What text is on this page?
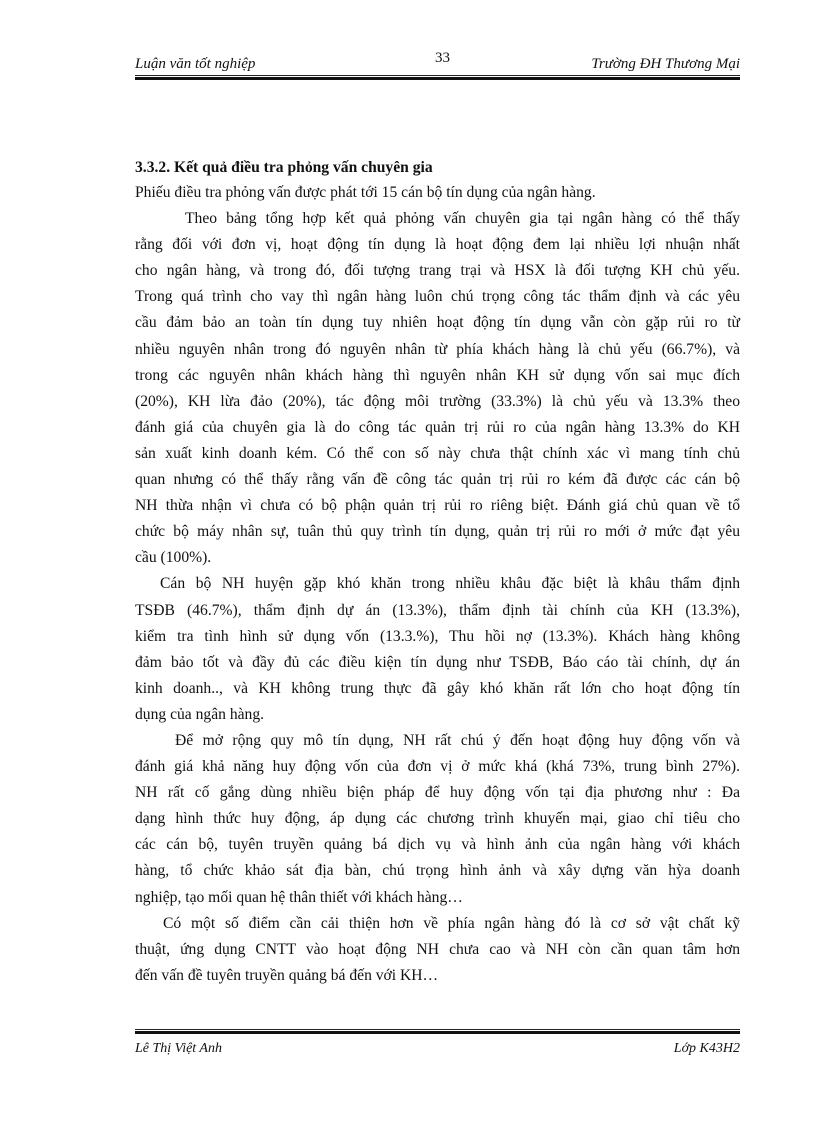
Luận văn tốt nghiệp	33	Trường ĐH Thương Mại
3.3.2. Kết quả điều tra phỏng vấn chuyên gia
Phiếu điều tra phỏng vấn được phát tới 15 cán bộ tín dụng của ngân hàng.
Theo bảng tổng hợp kết quả phỏng vấn chuyên gia tại ngân hàng có thể thấy
rằng đối với đơn vị, hoạt động tín dụng là hoạt động đem lại nhiều lợi nhuận nhất
cho ngân hàng, và trong đó, đối tượng trang trại và HSX là đối tượng KH chủ yếu.
Trong quá trình cho vay thì ngân hàng luôn chú trọng công tác thẩm định và các yêu
cầu đảm bảo an toàn tín dụng tuy nhiên hoạt động tín dụng vẫn còn gặp rủi ro từ
nhiều nguyên nhân trong đó nguyên nhân từ phía khách hàng là chủ yếu (66.7%), và
trong các nguyên nhân khách hàng thì nguyên nhân KH sử dụng vốn sai mục đích
(20%), KH lừa đảo (20%), tác động môi trường (33.3%) là chủ yếu và 13.3% theo
đánh giá của chuyên gia là do công tác quản trị rủi ro của ngân hàng 13.3% do KH
sản xuất kinh doanh kém. Có thể con số này chưa thật chính xác vì mang tính chủ
quan nhưng có thể thấy rằng vấn đề công tác quản trị rủi ro kém đã được các cán bộ
NH thừa nhận vì chưa có bộ phận quản trị rủi ro riêng biệt. Đánh giá chủ quan về tổ
chức bộ máy nhân sự, tuân thủ quy trình tín dụng, quản trị rủi ro mới ở mức đạt yêu
cầu (100%).
Cán bộ NH huyện gặp khó khăn trong nhiều khâu đặc biệt là khâu thẩm định
TSĐB (46.7%), thẩm định dự án (13.3%), thẩm định tài chính của KH (13.3%),
kiểm tra tình hình sử dụng vốn (13.3.%), Thu hồi nợ (13.3%). Khách hàng không
đảm bảo tốt và đầy đủ các điều kiện tín dụng như TSĐB, Báo cáo tài chính, dự án
kinh doanh.., và KH không trung thực đã gây khó khăn rất lớn cho hoạt động tín
dụng của ngân hàng.
Để mở rộng quy mô tín dụng, NH rất chú ý đến hoạt động huy động vốn và
đánh giá khả năng huy động vốn của đơn vị ở mức khá (khá 73%, trung bình 27%).
NH rất cố gắng dùng nhiều biện pháp để huy động vốn tại địa phương như : Đa
dạng hình thức huy động, áp dụng các chương trình khuyến mại, giao chỉ tiêu cho
các cán bộ, tuyên truyền quảng bá dịch vụ và hình ảnh của ngân hàng với khách
hàng, tổ chức khảo sát địa bàn, chú trọng hình ảnh và xây dựng văn hỳa doanh
nghiệp, tạo mối quan hệ thân thiết với khách hàng…
Có một số điểm cần cải thiện hơn về phía ngân hàng đó là cơ sở vật chất kỹ
thuật, ứng dụng CNTT vào hoạt động NH chưa cao và NH còn cần quan tâm hơn
đến vấn đề tuyên truyền quảng bá đến với KH…
Lê Thị Việt Anh	Lớp K43H2
